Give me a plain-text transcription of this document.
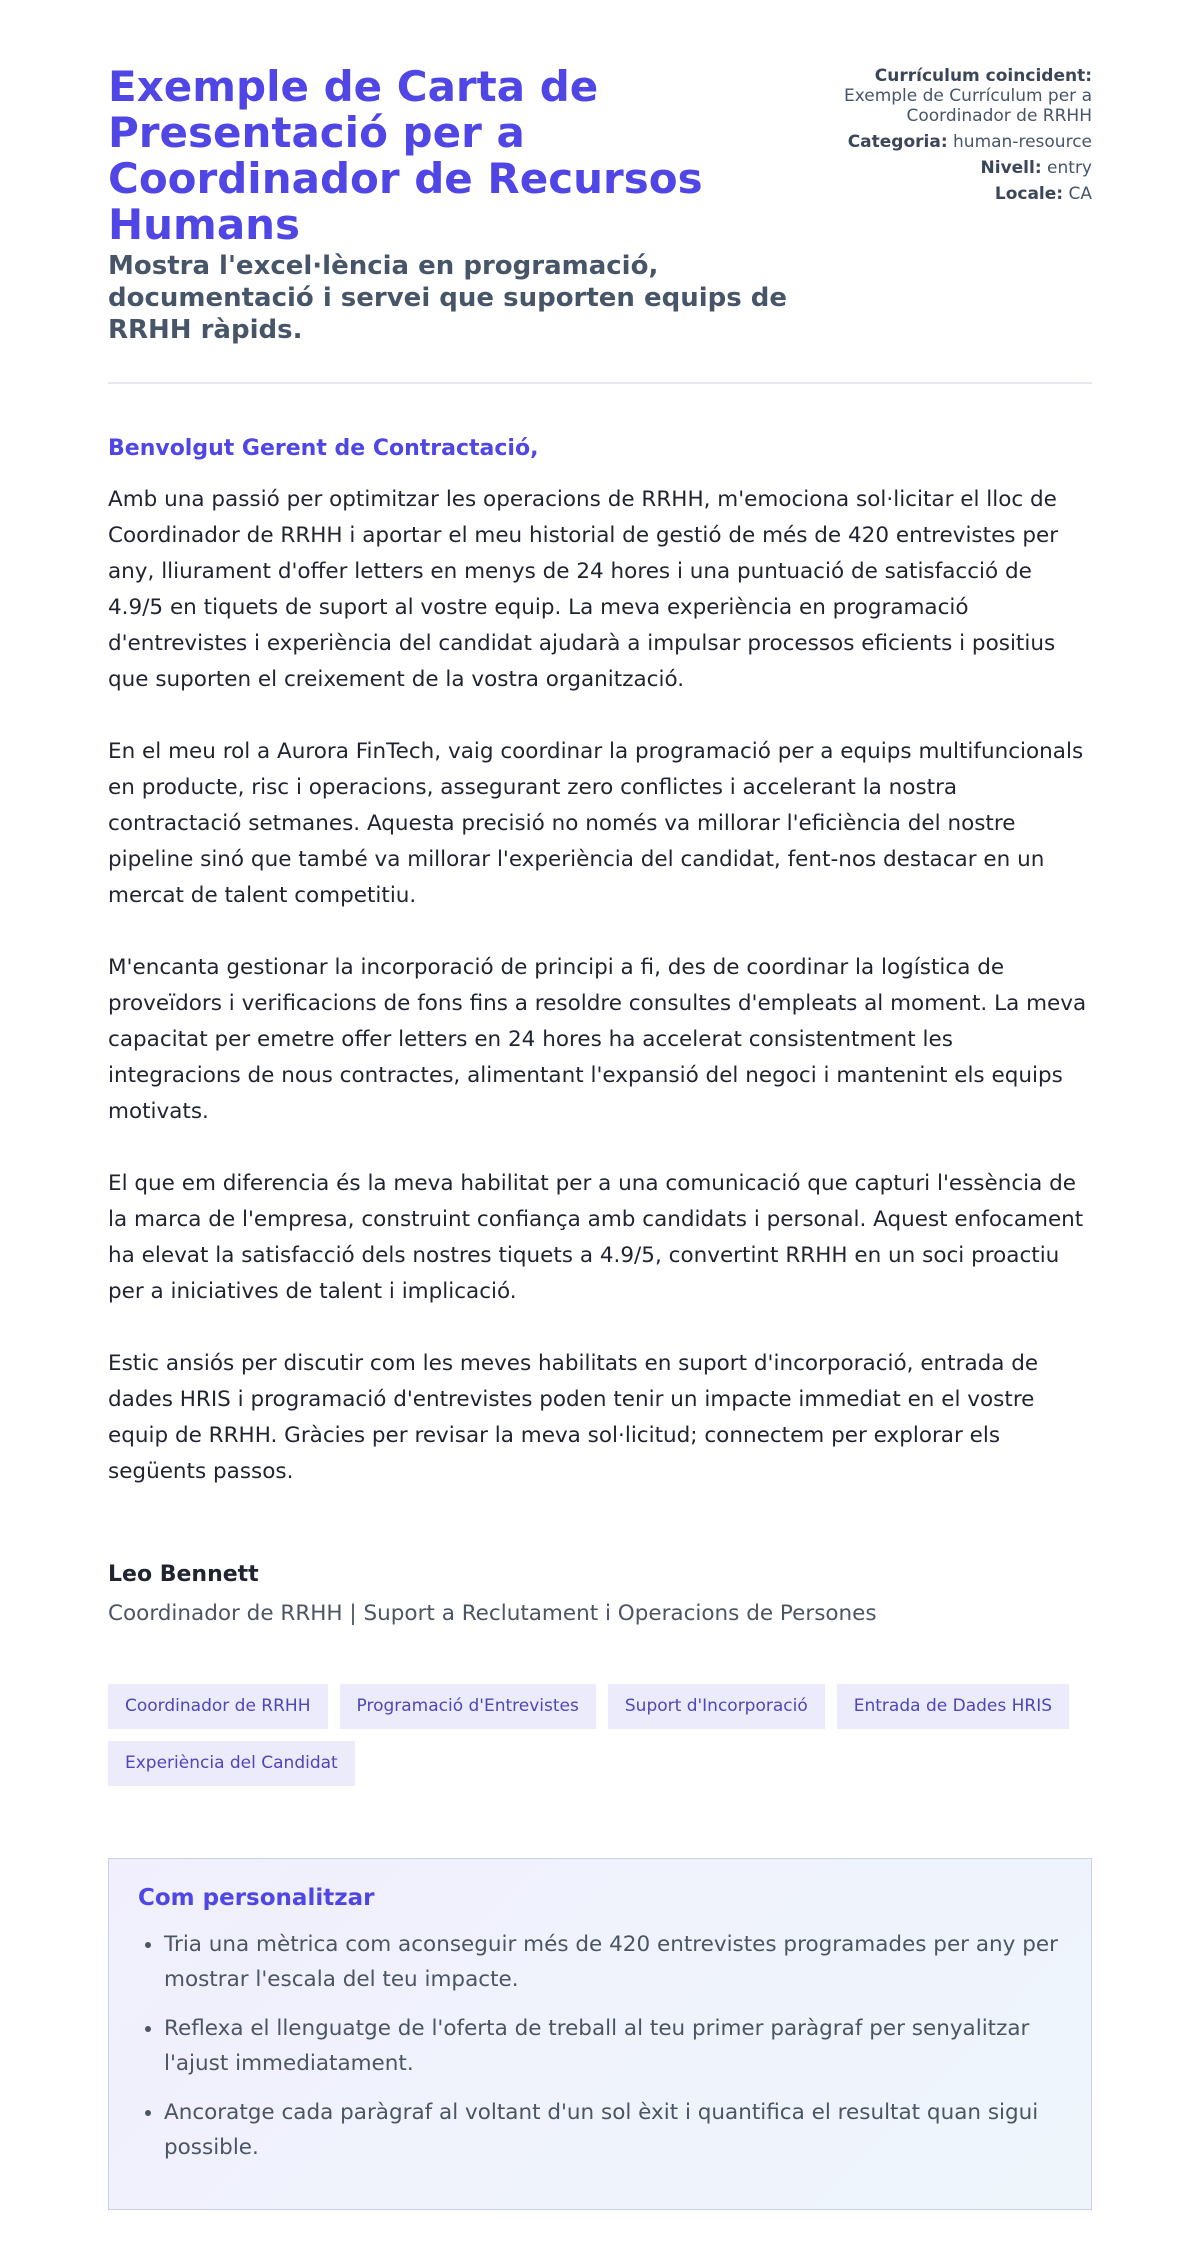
Exemple de Carta de Presentació per a Coordinador de Recursos Humans
Mostra l'excel·lència en programació, documentació i servei que suporten equips de RRHH ràpids.
Currículum coincident:
Exemple de Currículum per a Coordinador de RRHH
Categoria: human-resource
Nivell: entry
Locale: CA
Benvolgut Gerent de Contractació,

Amb una passió per optimitzar les operacions de RRHH, m'emociona sol·licitar el lloc de Coordinador de RRHH i aportar el meu historial de gestió de més de 420 entrevistes per any, lliurament d'offer letters en menys de 24 hores i una puntuació de satisfacció de 4.9/5 en tiquets de suport al vostre equip. La meva experiència en programació d'entrevistes i experiència del candidat ajudarà a impulsar processos eficients i positius que suporten el creixement de la vostra organització.

En el meu rol a Aurora FinTech, vaig coordinar la programació per a equips multifuncionals en producte, risc i operacions, assegurant zero conflictes i accelerant la nostra contractació setmanes. Aquesta precisió no només va millorar l'eficiència del nostre pipeline sinó que també va millorar l'experiència del candidat, fent-nos destacar en un mercat de talent competitiu.

M'encanta gestionar la incorporació de principi a fi, des de coordinar la logística de proveïdors i verificacions de fons fins a resoldre consultes d'empleats al moment. La meva capacitat per emetre offer letters en 24 hores ha accelerat consistentment les integracions de nous contractes, alimentant l'expansió del negoci i mantenint els equips motivats.

El que em diferencia és la meva habilitat per a una comunicació que capturi l'essència de la marca de l'empresa, construint confiança amb candidats i personal. Aquest enfocament ha elevat la satisfacció dels nostres tiquets a 4.9/5, convertint RRHH en un soci proactiu per a iniciatives de talent i implicació.

Estic ansiós per discutir com les meves habilitats en suport d'incorporació, entrada de dades HRIS i programació d'entrevistes poden tenir un impacte immediat en el vostre equip de RRHH. Gràcies per revisar la meva sol·licitud; connectem per explorar els següents passos.

Leo Bennett
Coordinador de RRHH | Suport a Reclutament i Operacions de Persones
Coordinador de RRHH	Programació d'Entrevistes	Suport d'Incorporació	Entrada de Dades HRIS
Experiència del Candidat
Com personalitzar
• Tria una mètrica com aconseguir més de 420 entrevistes programades per any per mostrar l'escala del teu impacte.
• Reflexa el llenguatge de l'oferta de treball al teu primer paràgraf per senyalitzar l'ajust immediatament.
• Ancoratge cada paràgraf al voltant d'un sol èxit i quantifica el resultat quan sigui possible.
